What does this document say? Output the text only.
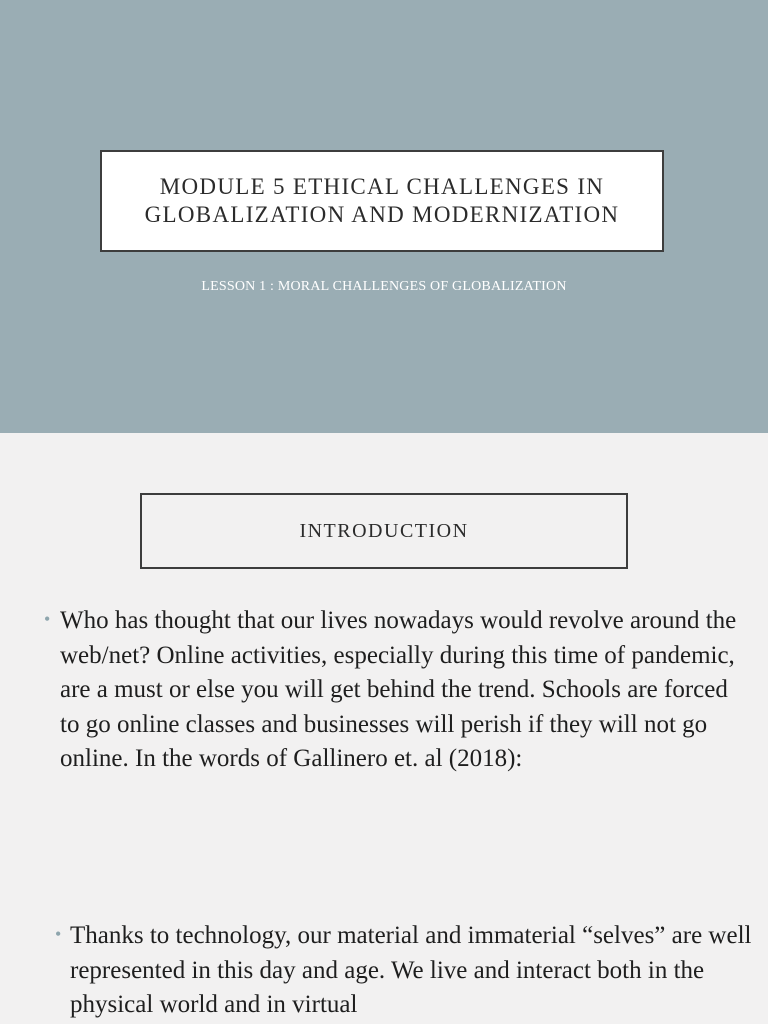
MODULE 5 ETHICAL CHALLENGES IN
GLOBALIZATION AND MODERNIZATION
LESSON 1 : MORAL CHALLENGES OF GLOBALIZATION
INTRODUCTION
• Who has thought that our lives nowadays would revolve around the web/net? Online activities, especially during this time of pandemic, are a must or else you will get behind the trend. Schools are forced to go online classes and businesses will perish if they will not go online. In the words of Gallinero et. al (2018):
• Thanks to technology, our material and immaterial “selves” are well represented in this day and age. We live and interact both in the physical world and in virtual
